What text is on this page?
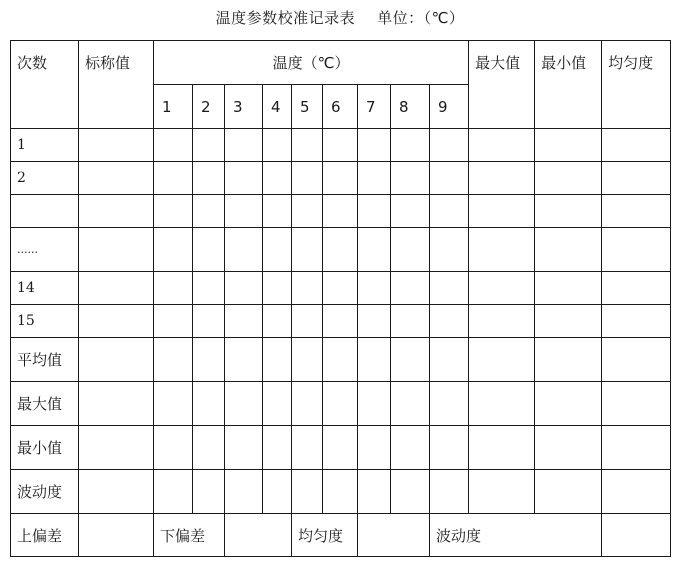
温度参数校准记录表 单位：（℃）
次数	标称值	温度（℃）									最大值	最小值	均匀度
		1	2	3	4	5	6	7	8	9			
1													
2													

......													
14													
15													
平均值													
最大值													
最小值													
波动度													
上偏差		下偏差				均匀度				波动度			
